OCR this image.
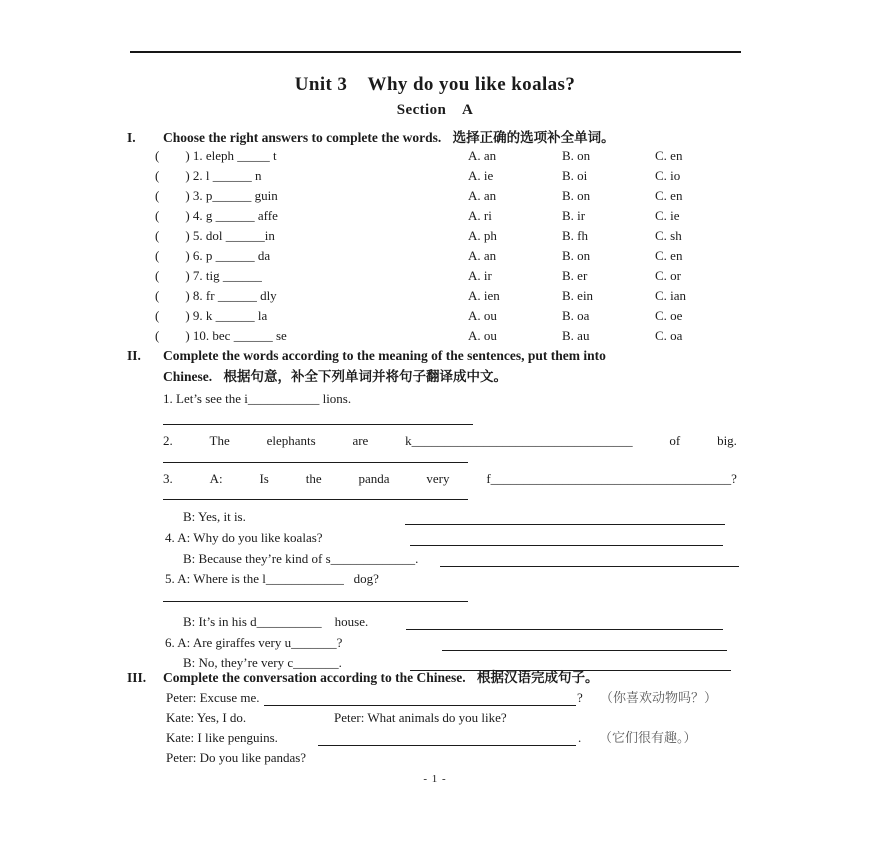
Unit 3    Why do you like koalas?
Section    A
I. Choose the right answers to complete the words. 选择正确的选项补全单词。
(        ) 1. eleph _____ t	A. an	B. on	C. en
(        ) 2. l ______ n	A. ie	B. oi	C. io
(        ) 3. p______ guin	A. an	B. on	C. en
(        ) 4. g ______ affe	A. ri	B. ir	C. ie
(        ) 5. dol ______in	A. ph	B. fh	C. sh
(        ) 6. p ______ da	A. an	B. on	C. en
(        ) 7. tig ______	A. ir	B. er	C. or
(        ) 8. fr ______ dly	A. ien	B. ein	C. ian
(        ) 9. k ______ la	A. ou	B. oa	C. oe
(        ) 10. bec ______ se	A. ou	B. au	C. oa
II. Complete the words according to the meaning of the sentences, put them into
Chinese. 根据句意，补全下列单词并将句子翻译成中文。
1. Let’s see the i___________ lions.
2.	The	elephants	are	k__________________________________	of	big.
3.	A:	Is	the	panda	very	f_____________________________________?
B: Yes, it is.
4. A: Why do you like koalas?
B: Because they’re kind of s_____________.
5. A: Where is the l____________   dog?
B: It’s in his d__________    house.
6. A: Are giraffes very u_______?
B: No, they’re very c_______.
III. Complete the conversation according to the Chinese. 根据汉语完成句子。
Peter: Excuse me.	? （你喜欢动物吗？）
Kate: Yes, I do.	Peter: What animals do you like?
Kate: I like penguins.	. （它们很有趣。）
Peter: Do you like pandas?
- 1 -
